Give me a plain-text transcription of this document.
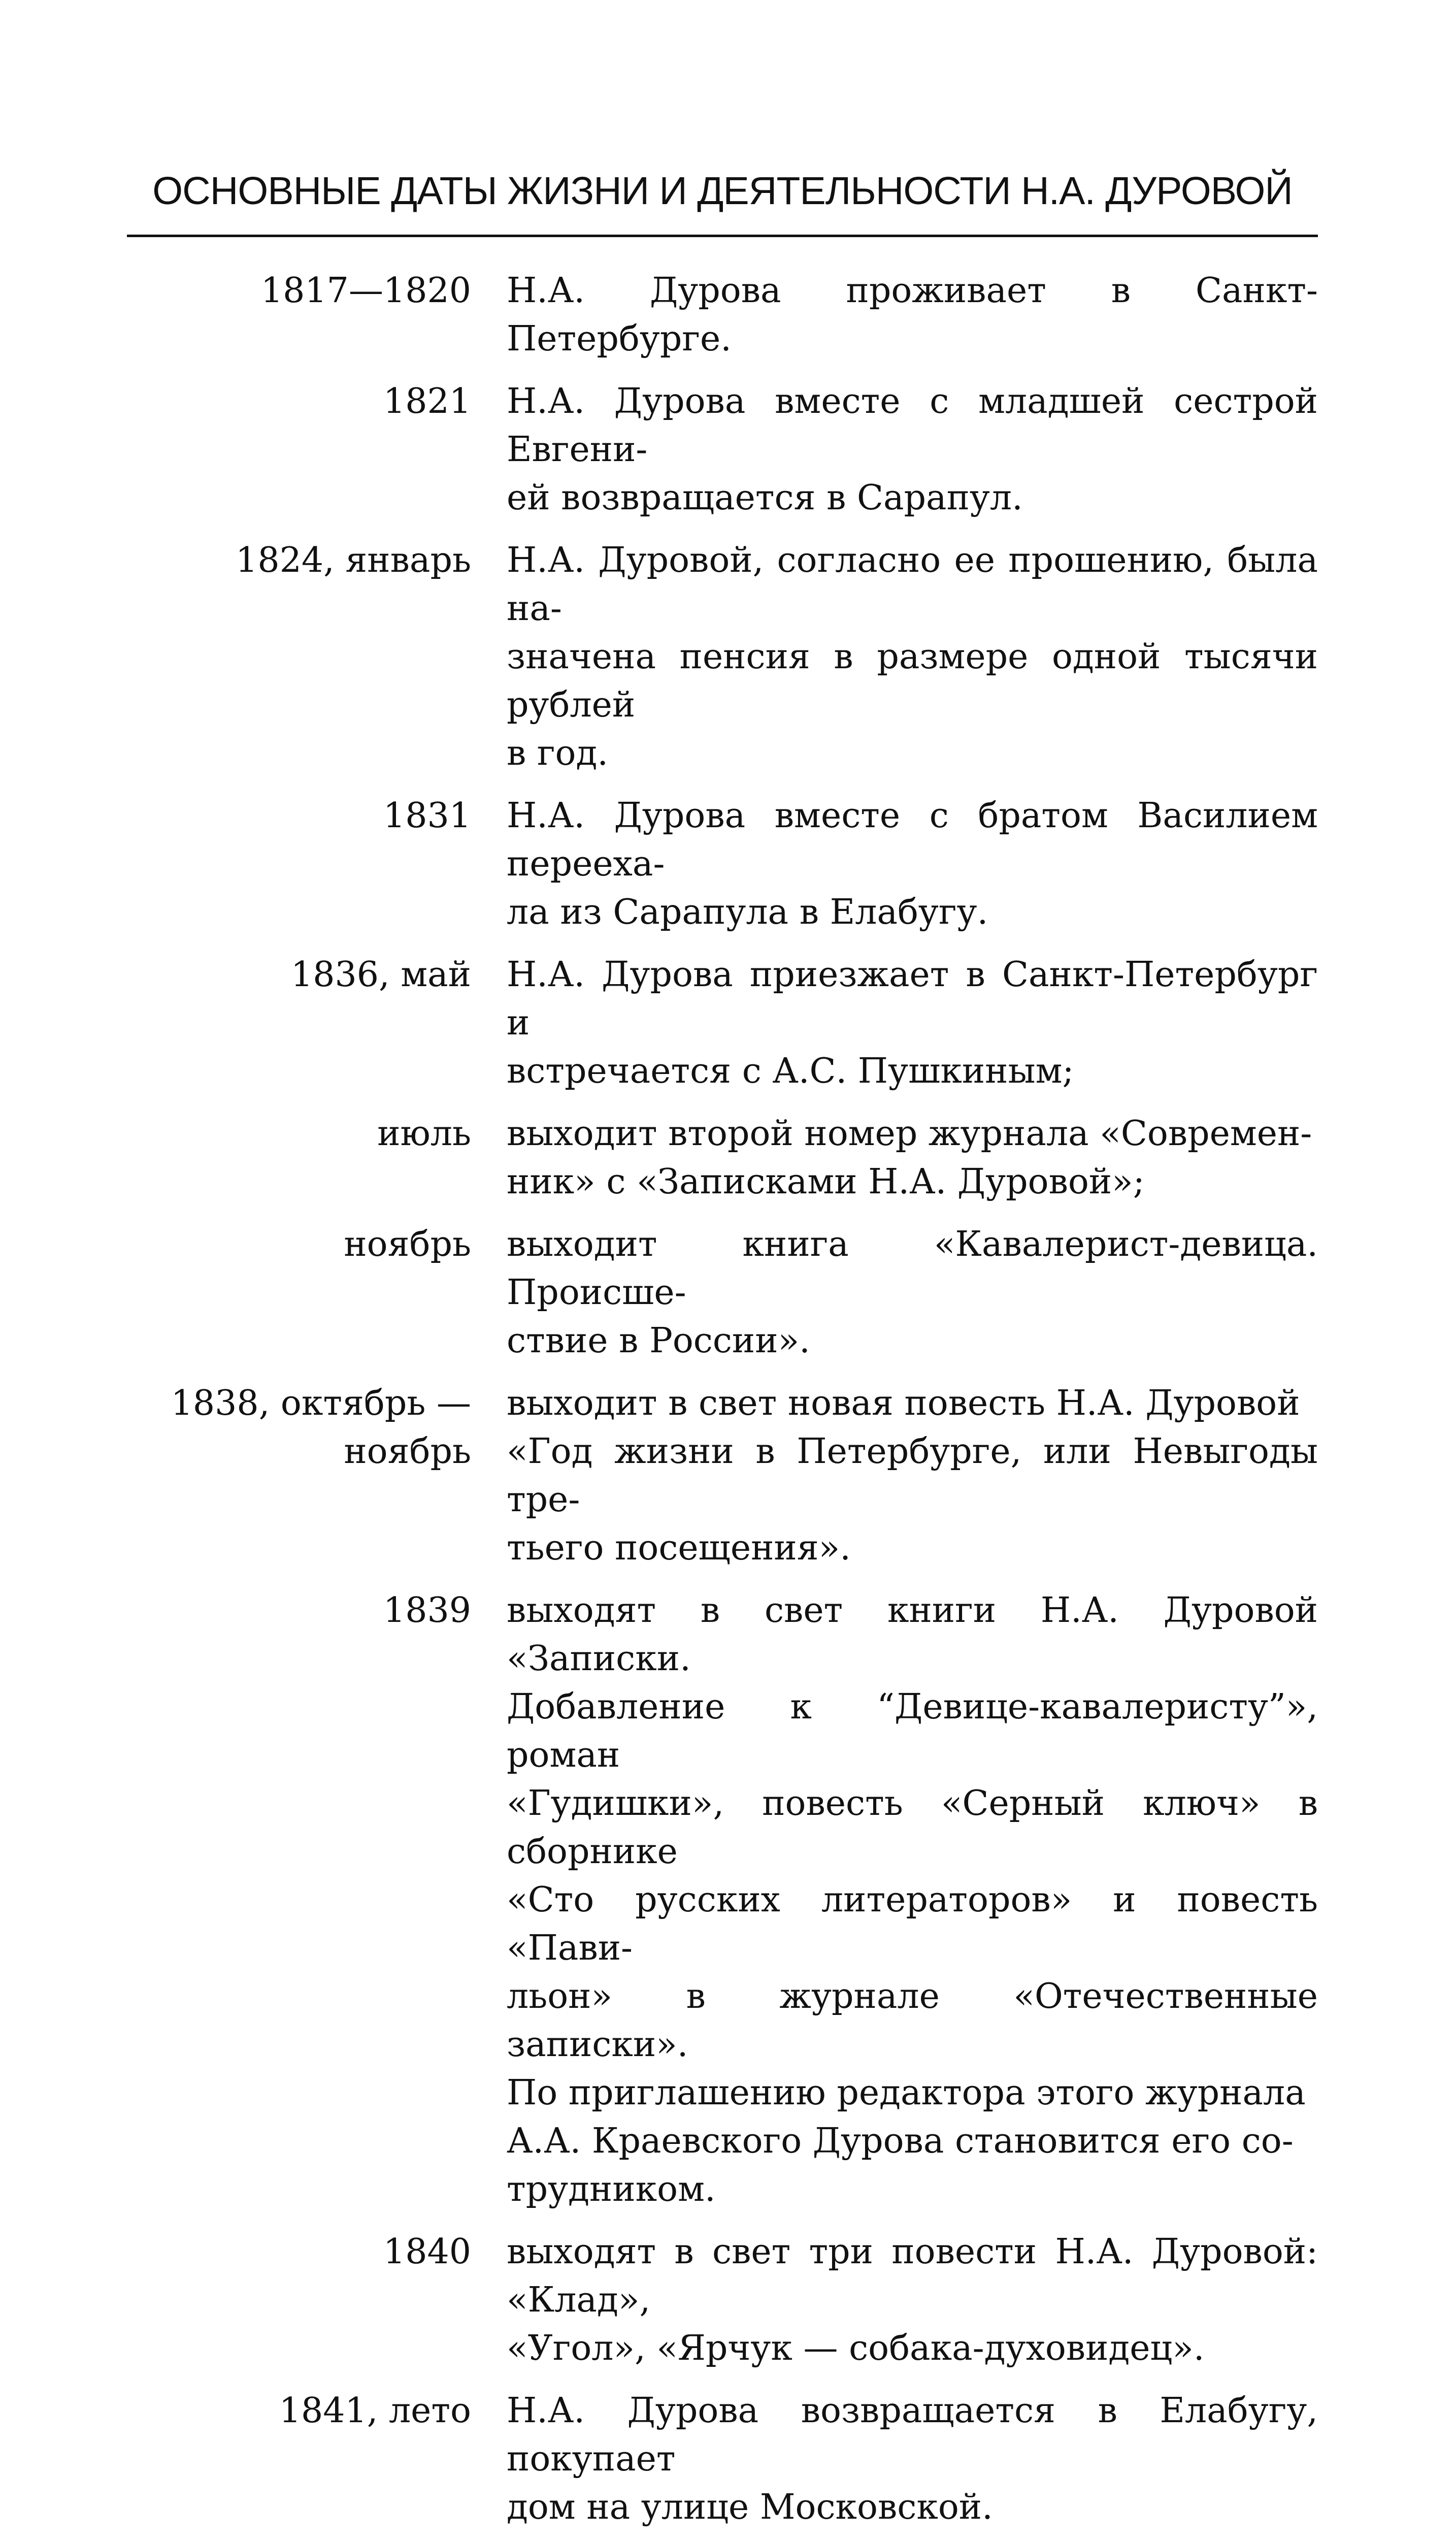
ОСНОВНЫЕ ДАТЫ ЖИЗНИ И ДЕЯТЕЛЬНОСТИ Н.А. ДУРОВОЙ
1817—1820 Н.А. Дурова проживает в Санкт-Петербурге.
1821 Н.А. Дурова вместе с младшей сестрой Евгени-
ей возвращается в Сарапул.
1824, январь Н.А. Дуровой, согласно ее прошению, была на-
значена пенсия в размере одной тысячи рублей
в год.
1831 Н.А. Дурова вместе с братом Василием перееха-
ла из Сарапула в Елабугу.
1836, май Н.А. Дурова приезжает в Санкт-Петербург и
встречается с А.С. Пушкиным;
июль выходит второй номер журнала «Современ-
ник» с «Записками Н.А. Дуровой»;
ноябрь выходит книга «Кавалерист-девица. Происше-
ствие в России».
1838, октябрь —
ноябрь
выходит в свет новая повесть Н.А. Дуровой
«Год жизни в Петербурге, или Невыгоды тре-
тьего посещения».
1839 выходят в свет книги Н.А. Дуровой «Записки.
Добавление к “Девице-кавалеристу”», роман
«Гудишки», повесть «Серный ключ» в сборнике
«Сто русских литераторов» и повесть «Пави-
льон» в журнале «Отечественные записки».
По приглашению редактора этого журнала
А.А. Краевского Дурова становится его со-
трудником.
1840 выходят в свет три повести Н.А. Дуровой: «Клад»,
«Угол», «Ярчук — собака-духовидец».
1841, лето Н.А. Дурова возвращается в Елабугу, покупает
дом на улице Московской.
